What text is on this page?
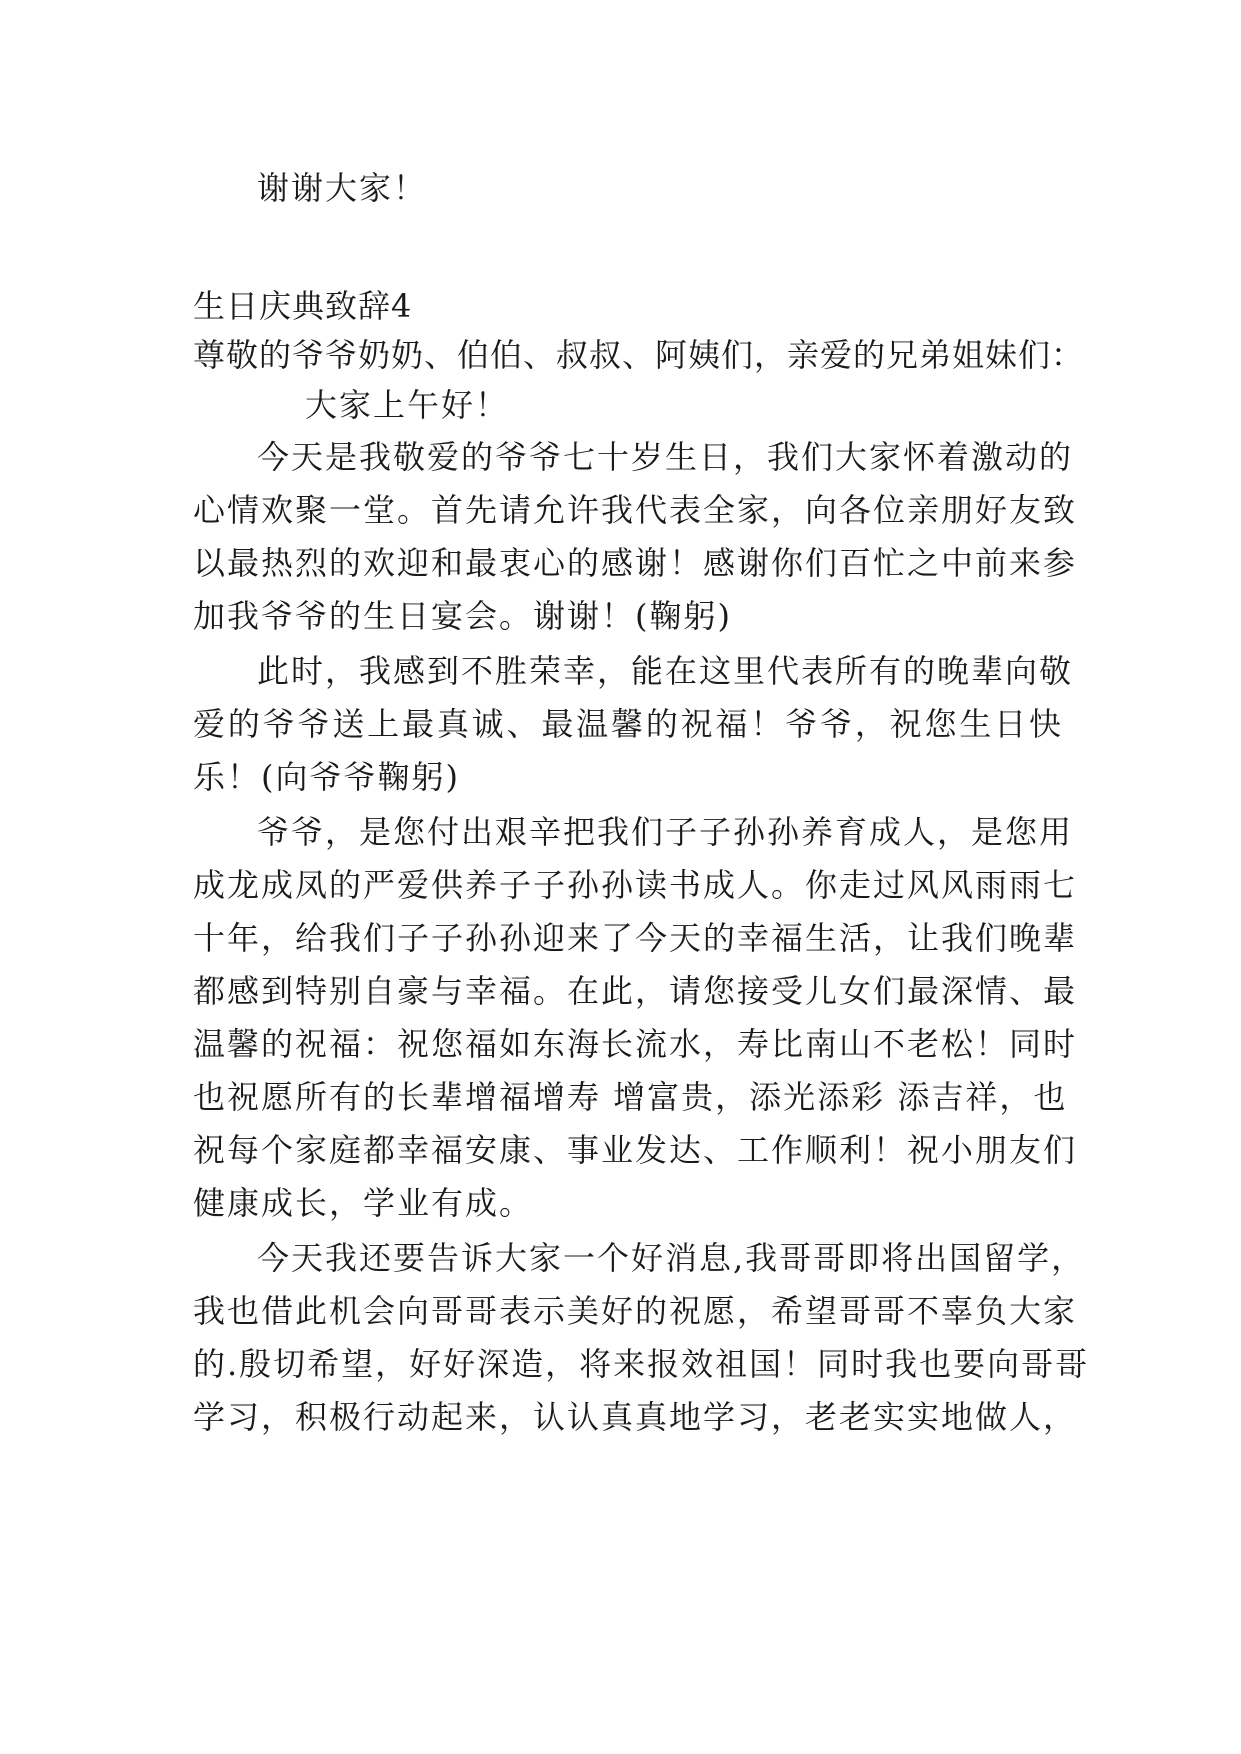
谢谢大家！
生日庆典致辞4
尊敬的爷爷奶奶、伯伯、叔叔、阿姨们，亲爱的兄弟姐妹们：
大家上午好！
今天是我敬爱的爷爷七十岁生日，我们大家怀着激动的
心情欢聚一堂。首先请允许我代表全家，向各位亲朋好友致
以最热烈的欢迎和最衷心的感谢！感谢你们百忙之中前来参
加我爷爷的生日宴会。谢谢！(鞠躬)
此时，我感到不胜荣幸，能在这里代表所有的晚辈向敬
爱的爷爷送上最真诚、最温馨的祝福！爷爷，祝您生日快
乐！(向爷爷鞠躬)
爷爷，是您付出艰辛把我们子子孙孙养育成人，是您用
成龙成凤的严爱供养子子孙孙读书成人。你走过风风雨雨七
十年，给我们子子孙孙迎来了今天的幸福生活，让我们晚辈
都感到特别自豪与幸福。在此，请您接受儿女们最深情、最
温馨的祝福：祝您福如东海长流水，寿比南山不老松！同时
也祝愿所有的长辈增福增寿 增富贵，添光添彩 添吉祥，也
祝每个家庭都幸福安康、事业发达、工作顺利！祝小朋友们
健康成长，学业有成。
今天我还要告诉大家一个好消息,我哥哥即将出国留学，
我也借此机会向哥哥表示美好的祝愿，希望哥哥不辜负大家
的.殷切希望，好好深造，将来报效祖国！同时我也要向哥哥
学习，积极行动起来，认认真真地学习，老老实实地做人，
